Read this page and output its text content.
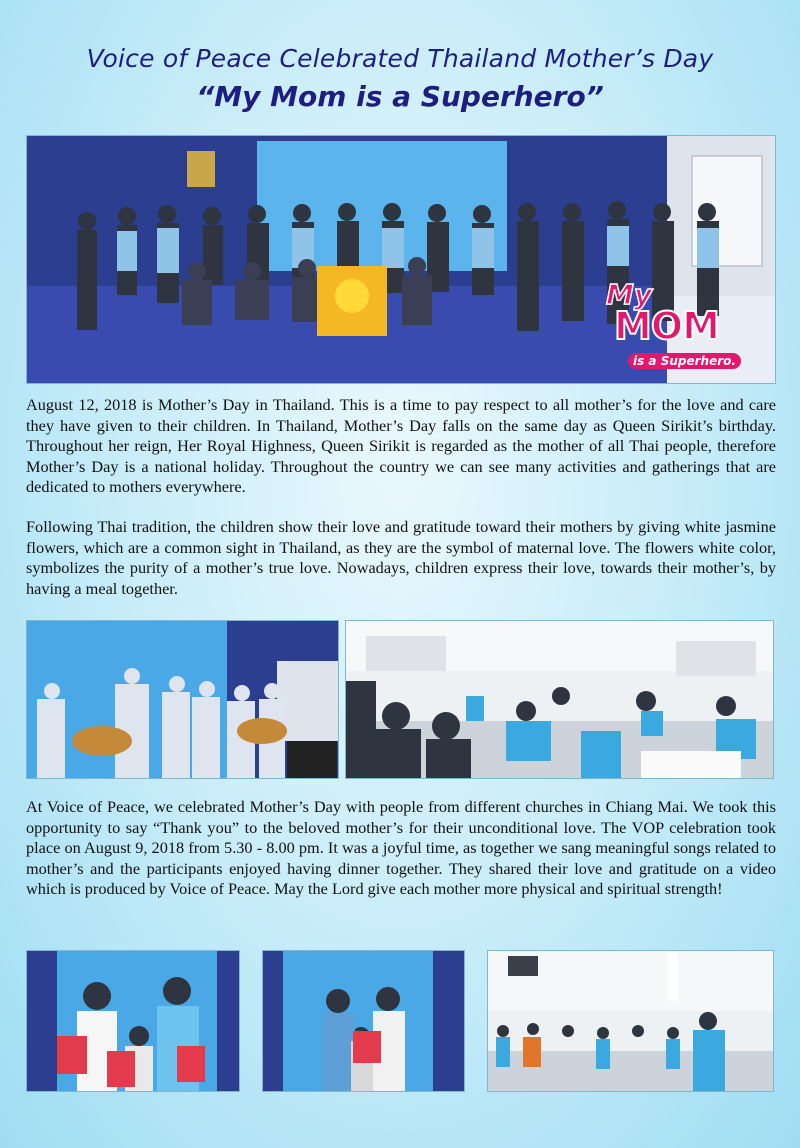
Voice of Peace Celebrated Thailand Mother’s Day
“My Mom is a Superhero”
My
MOM
is a Superhero.

August 12, 2018 is Mother’s Day in Thailand. This is a time to pay respect to all mother’s for the love and care they have given to their children. In Thailand, Mother’s Day falls on the same day as Queen Sirikit’s birthday. Throughout her reign, Her Royal Highness, Queen Sirikit is regarded as the mother of all Thai people, therefore Mother’s Day is a national holiday. Throughout the country we can see many activities and gatherings that are dedicated to mothers everywhere.

Following Thai tradition, the children show their love and gratitude toward their mothers by giving white jasmine flowers, which are a common sight in Thailand, as they are the symbol of maternal love. The flowers white color, symbolizes the purity of a mother’s true love. Nowadays, children express their love, towards their mother’s, by having a meal together.

At Voice of Peace, we celebrated Mother’s Day with people from different churches in Chiang Mai. We took this opportunity to say “Thank you” to the beloved mother’s for their unconditional love. The VOP celebration took place on August 9, 2018 from 5.30 - 8.00 pm. It was a joyful time, as together we sang meaningful songs related to mother’s and the participants enjoyed having dinner together. They shared their love and gratitude on a video which is produced by Voice of Peace. May the Lord give each mother more physical and spiritual strength!
